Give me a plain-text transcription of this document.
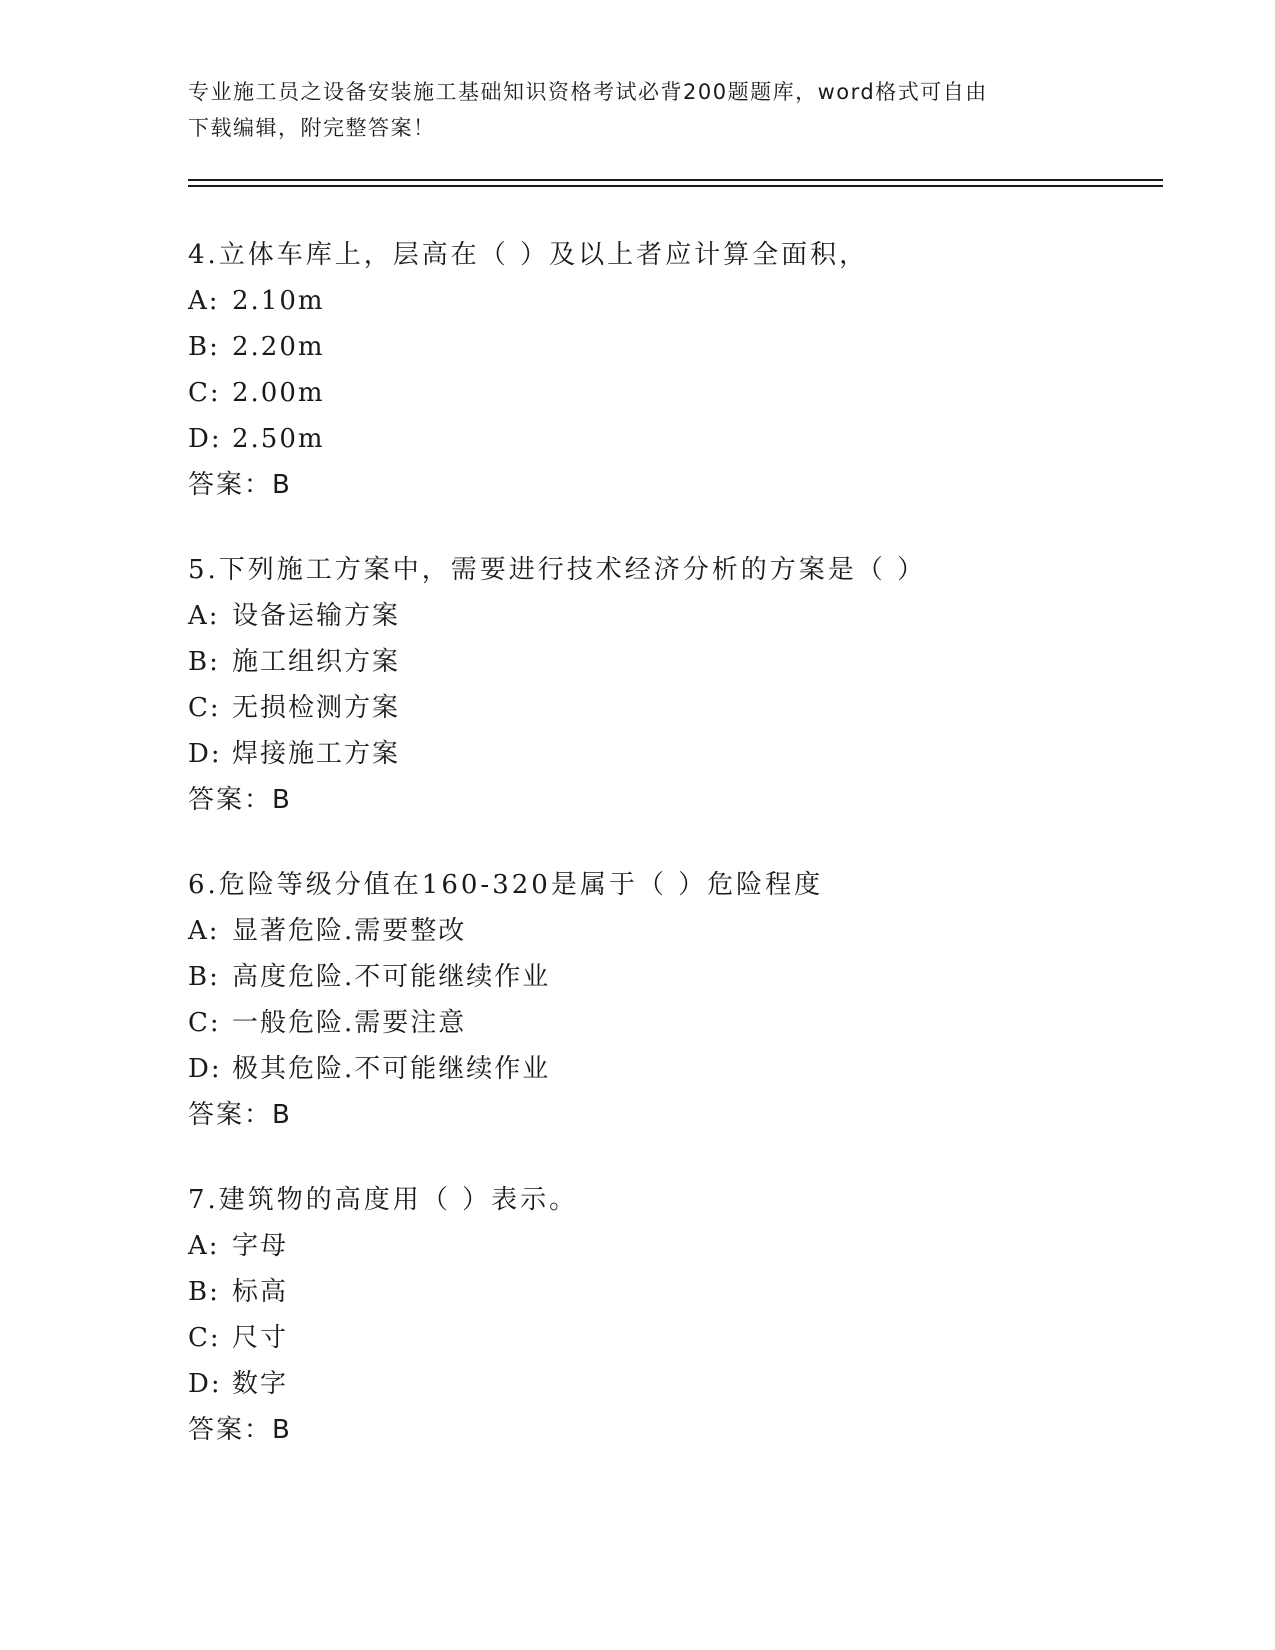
专业施工员之设备安装施工基础知识资格考试必背200题题库，word格式可自由
下载编辑，附完整答案！
4.立体车库上，层高在（ ）及以上者应计算全面积，
A: 2.10m
B: 2.20m
C: 2.00m
D: 2.50m
答案：B
5.下列施工方案中，需要进行技术经济分析的方案是（ ）
A: 设备运输方案
B: 施工组织方案
C: 无损检测方案
D: 焊接施工方案
答案：B
6.危险等级分值在160-320是属于（ ）危险程度
A: 显著危险.需要整改
B: 高度危险.不可能继续作业
C: 一般危险.需要注意
D: 极其危险.不可能继续作业
答案：B
7.建筑物的高度用（ ）表示。
A: 字母
B: 标高
C: 尺寸
D: 数字
答案：B
